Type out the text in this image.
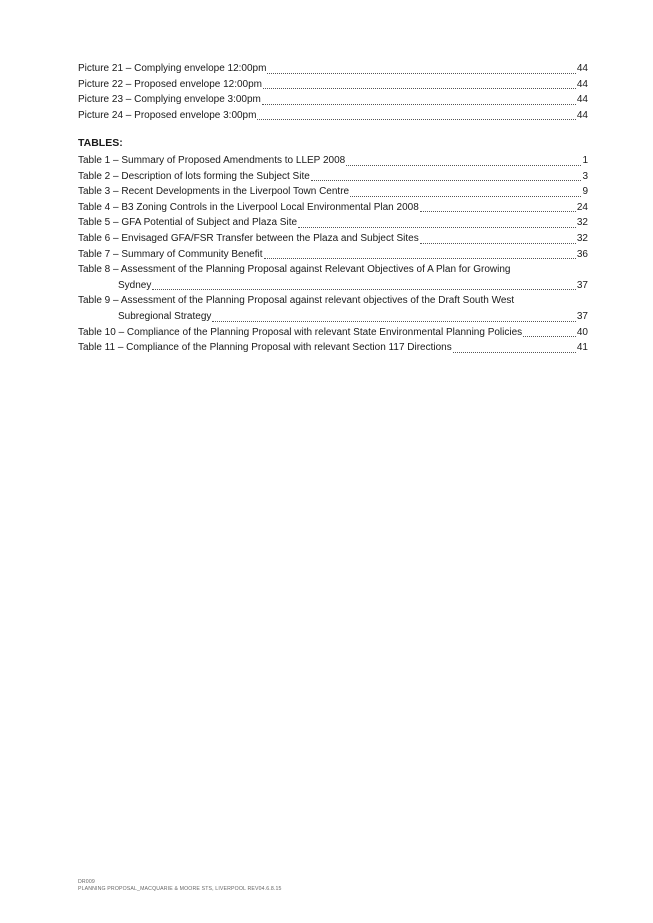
Picture 21 – Complying envelope 12:00pm	44
Picture 22 – Proposed envelope 12:00pm	44
Picture 23 – Complying envelope 3:00pm	44
Picture 24 – Proposed envelope 3:00pm	44
TABLES:
Table 1 – Summary of Proposed Amendments to LLEP 2008	1
Table 2 – Description of lots forming the Subject Site	3
Table 3 – Recent Developments in the Liverpool Town Centre	9
Table 4 – B3 Zoning Controls in the Liverpool Local Environmental Plan 2008	24
Table 5 – GFA Potential of Subject and Plaza Site	32
Table 6 – Envisaged GFA/FSR Transfer between the Plaza and Subject Sites	32
Table 7 – Summary of Community Benefit	36
Table 8 – Assessment of the Planning Proposal against Relevant Objectives of A Plan for Growing
Sydney	37
Table 9 – Assessment of the Planning Proposal against relevant objectives of the Draft South West
Subregional Strategy	37
Table 10 – Compliance of the Planning Proposal with relevant State Environmental Planning Policies	40
Table 11 – Compliance of the Planning Proposal with relevant Section 117 Directions	41
DR009
PLANNING PROPOSAL_MACQUARIE & MOORE STS, LIVERPOOL REV04.6.8.15
